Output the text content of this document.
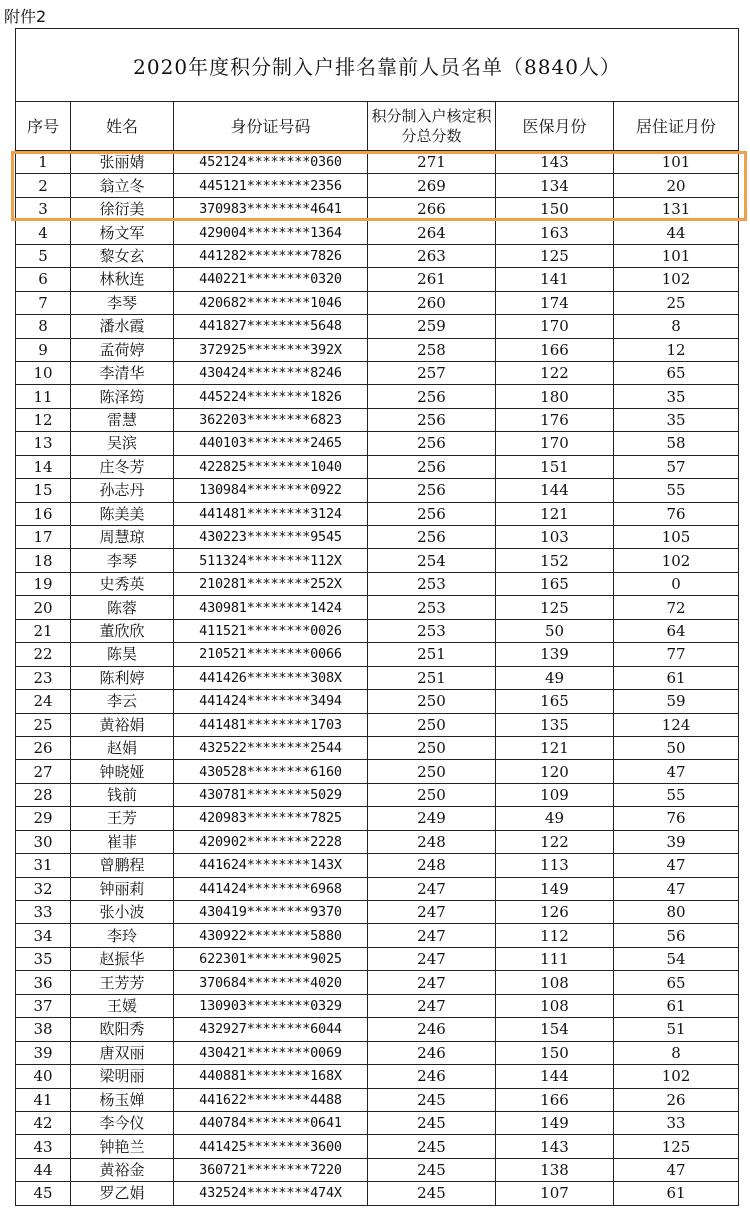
附件2
2020年度积分制入户排名靠前人员名单（8840人）					
序号	姓名	身份证号码	积分制入户核定积分总分数	医保月份	居住证月份
1	张丽婧	452124********0360	271	143	101
2	翁立冬	445121********2356	269	134	20
3	徐衍美	370983********4641	266	150	131
4	杨文军	429004********1364	264	163	44
5	黎女玄	441282********7826	263	125	101
6	林秋连	440221********0320	261	141	102
7	李琴	420682********1046	260	174	25
8	潘水霞	441827********5648	259	170	8
9	孟荷婷	372925********392X	258	166	12
10	李清华	430424********8246	257	122	65
11	陈泽筠	445224********1826	256	180	35
12	雷慧	362203********6823	256	176	35
13	吴滨	440103********2465	256	170	58
14	庄冬芳	422825********1040	256	151	57
15	孙志丹	130984********0922	256	144	55
16	陈美美	441481********3124	256	121	76
17	周慧琼	430223********9545	256	103	105
18	李琴	511324********112X	254	152	102
19	史秀英	210281********252X	253	165	0
20	陈蓉	430981********1424	253	125	72
21	董欣欣	411521********0026	253	50	64
22	陈昊	210521********0066	251	139	77
23	陈利婷	441426********308X	251	49	61
24	李云	441424********3494	250	165	59
25	黄裕娟	441481********1703	250	135	124
26	赵娟	432522********2544	250	121	50
27	钟晓娅	430528********6160	250	120	47
28	钱前	430781********5029	250	109	55
29	王芳	420983********7825	249	49	76
30	崔菲	420902********2228	248	122	39
31	曾鹏程	441624********143X	248	113	47
32	钟丽莉	441424********6968	247	149	47
33	张小波	430419********9370	247	126	80
34	李玲	430922********5880	247	112	56
35	赵振华	622301********9025	247	111	54
36	王芳芳	370684********4020	247	108	65
37	王媛	130903********0329	247	108	61
38	欧阳秀	432927********6044	246	154	51
39	唐双丽	430421********0069	246	150	8
40	梁明丽	440881********168X	246	144	102
41	杨玉婵	441622********4488	245	166	26
42	李今仪	440784********0641	245	149	33
43	钟艳兰	441425********3600	245	143	125
44	黄裕金	360721********7220	245	138	47
45	罗乙娟	432524********474X	245	107	61
